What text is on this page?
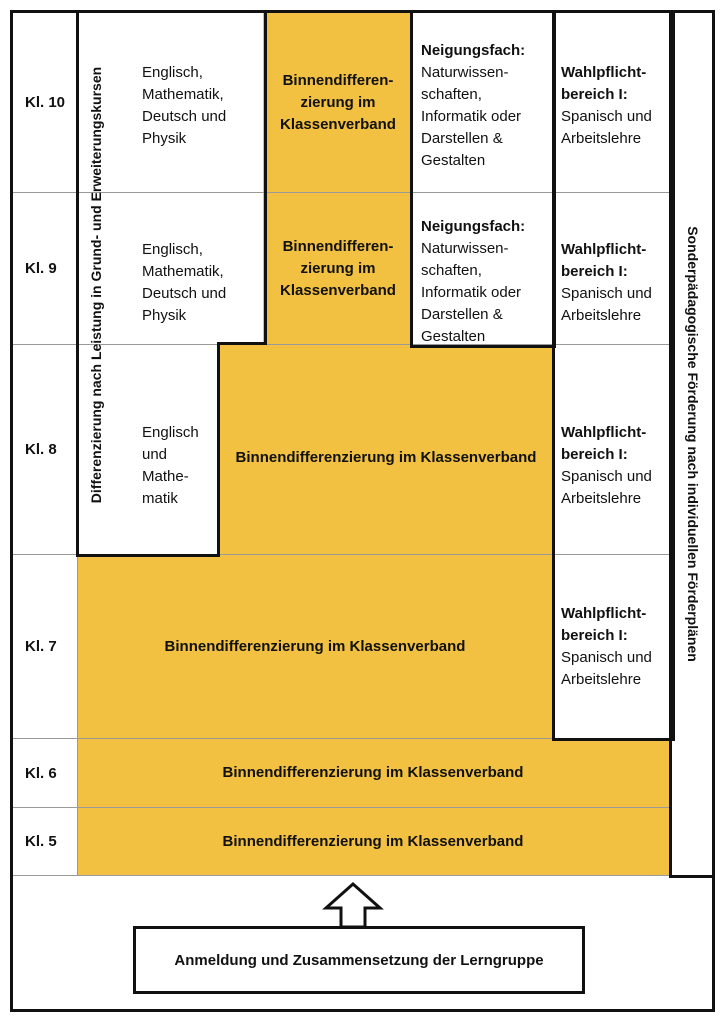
Kl. 10
Kl. 9
Kl. 8
Kl. 7
Kl. 6
Kl. 5
Differenzierung nach Leistung in Grund- und Erweiterungskursen	Englisch,
Mathematik,
Deutsch und
Physik
Englisch,
Mathematik,
Deutsch und
Physik
Englisch
und
Mathe-
matik
Binnendifferen-
zierung im
Klassenverband
Binnendifferen-
zierung im
Klassenverband
Binnendifferenzierung im Klassenverband
Binnendifferenzierung im Klassenverband
Binnendifferenzierung im Klassenverband
Binnendifferenzierung im Klassenverband
Neigungsfach:
Naturwissen-
schaften,
Informatik oder
Darstellen &
Gestalten
Neigungsfach:
Naturwissen-
schaften,
Informatik oder
Darstellen &
Gestalten
Wahlpflicht-
bereich I:
Spanisch und
Arbeitslehre
Wahlpflicht-
bereich I:
Spanisch und
Arbeitslehre
Wahlpflicht-
bereich I:
Spanisch und
Arbeitslehre
Wahlpflicht-
bereich I:
Spanisch und
Arbeitslehre
Sonderpädagogische Förderung nach individuellen Förderplänen
Anmeldung und Zusammensetzung der Lerngruppe
